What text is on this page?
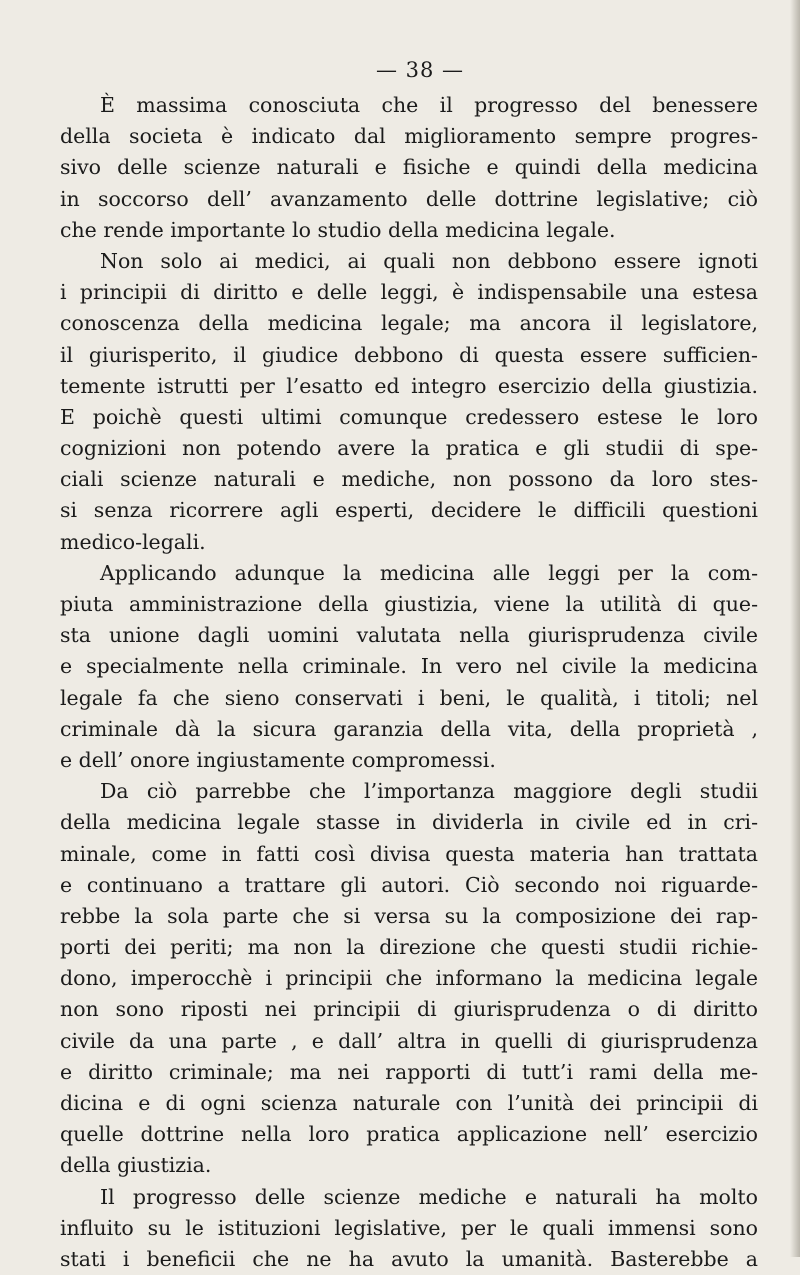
— 38 —
È massima conosciuta che il progresso del benessere
della societa è indicato dal miglioramento sempre progres-
sivo delle scienze naturali e fisiche e quindi della medicina
in soccorso dell’ avanzamento delle dottrine legislative; ciò
che rende importante lo studio della medicina legale.
Non solo ai medici, ai quali non debbono essere ignoti
i principii di diritto e delle leggi, è indispensabile una estesa
conoscenza della medicina legale; ma ancora il legislatore,
il giurisperito, il giudice debbono di questa essere sufficien-
temente istrutti per l’esatto ed integro esercizio della giustizia.
E poichè questi ultimi comunque credessero estese le loro
cognizioni non potendo avere la pratica e gli studii di spe-
ciali scienze naturali e mediche, non possono da loro stes-
si senza ricorrere agli esperti, decidere le difficili questioni
medico-legali.
Applicando adunque la medicina alle leggi per la com-
piuta amministrazione della giustizia, viene la utilità di que-
sta unione dagli uomini valutata nella giurisprudenza civile
e specialmente nella criminale. In vero nel civile la medicina
legale fa che sieno conservati i beni, le qualità, i titoli; nel
criminale dà la sicura garanzia della vita, della proprietà ,
e dell’ onore ingiustamente compromessi.
Da ciò parrebbe che l’importanza maggiore degli studii
della medicina legale stasse in dividerla in civile ed in cri-
minale, come in fatti così divisa questa materia han trattata
e continuano a trattare gli autori. Ciò secondo noi riguarde-
rebbe la sola parte che si versa su la composizione dei rap-
porti dei periti; ma non la direzione che questi studii richie-
dono, imperocchè i principii che informano la medicina legale
non sono riposti nei principii di giurisprudenza o di diritto
civile da una parte , e dall’ altra in quelli di giurisprudenza
e diritto criminale; ma nei rapporti di tutt’i rami della me-
dicina e di ogni scienza naturale con l’unità dei principii di
quelle dottrine nella loro pratica applicazione nell’ esercizio
della giustizia.
Il progresso delle scienze mediche e naturali ha molto
influito su le istituzioni legislative, per le quali immensi sono
stati i beneficii che ne ha avuto la umanità. Basterebbe a
